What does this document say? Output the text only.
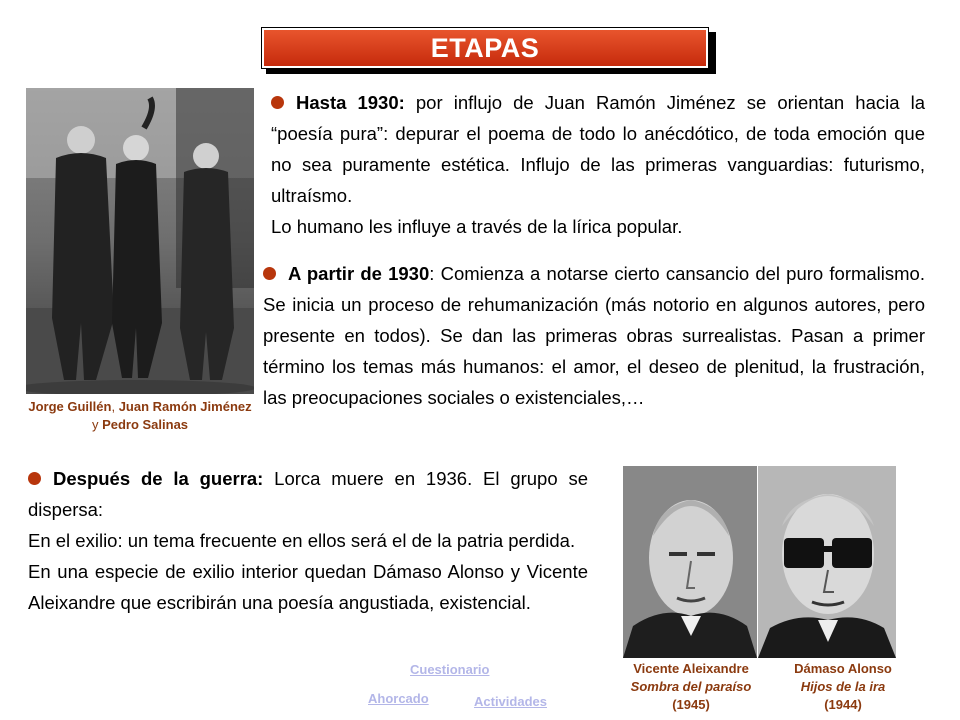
ETAPAS
Jorge Guillén, Juan Ramón Jiménez y Pedro Salinas

Hasta 1930: por influjo de Juan Ramón Jiménez se orientan hacia la “poesía pura”: depurar el poema de todo lo anécdótico, de toda emoción que no sea puramente estética. Influjo de las primeras vanguardias: futurismo, ultraísmo.

Lo humano les influye a través de la lírica popular.

A partir de 1930: Comienza a notarse cierto cansancio del puro formalismo. Se inicia un proceso de rehumanización (más notorio en algunos autores, pero presente en todos). Se dan las primeras obras surrealistas. Pasan a primer término los temas más humanos: el amor, el deseo de plenitud, la frustración, las preocupaciones sociales o existenciales,…

Después de la guerra: Lorca muere en 1936. El grupo se dispersa:

En el exilio: un tema frecuente en ellos será el de la patria perdida.

En una especie de exilio interior quedan Dámaso Alonso y Vicente Aleixandre que escribirán una poesía angustiada, existencial.

Vicente Aleixandre
Sombra del paraíso
(1945)
Dámaso Alonso
Hijos de la ira
(1944)
Cuestionario
Ahorcado	Actividades
